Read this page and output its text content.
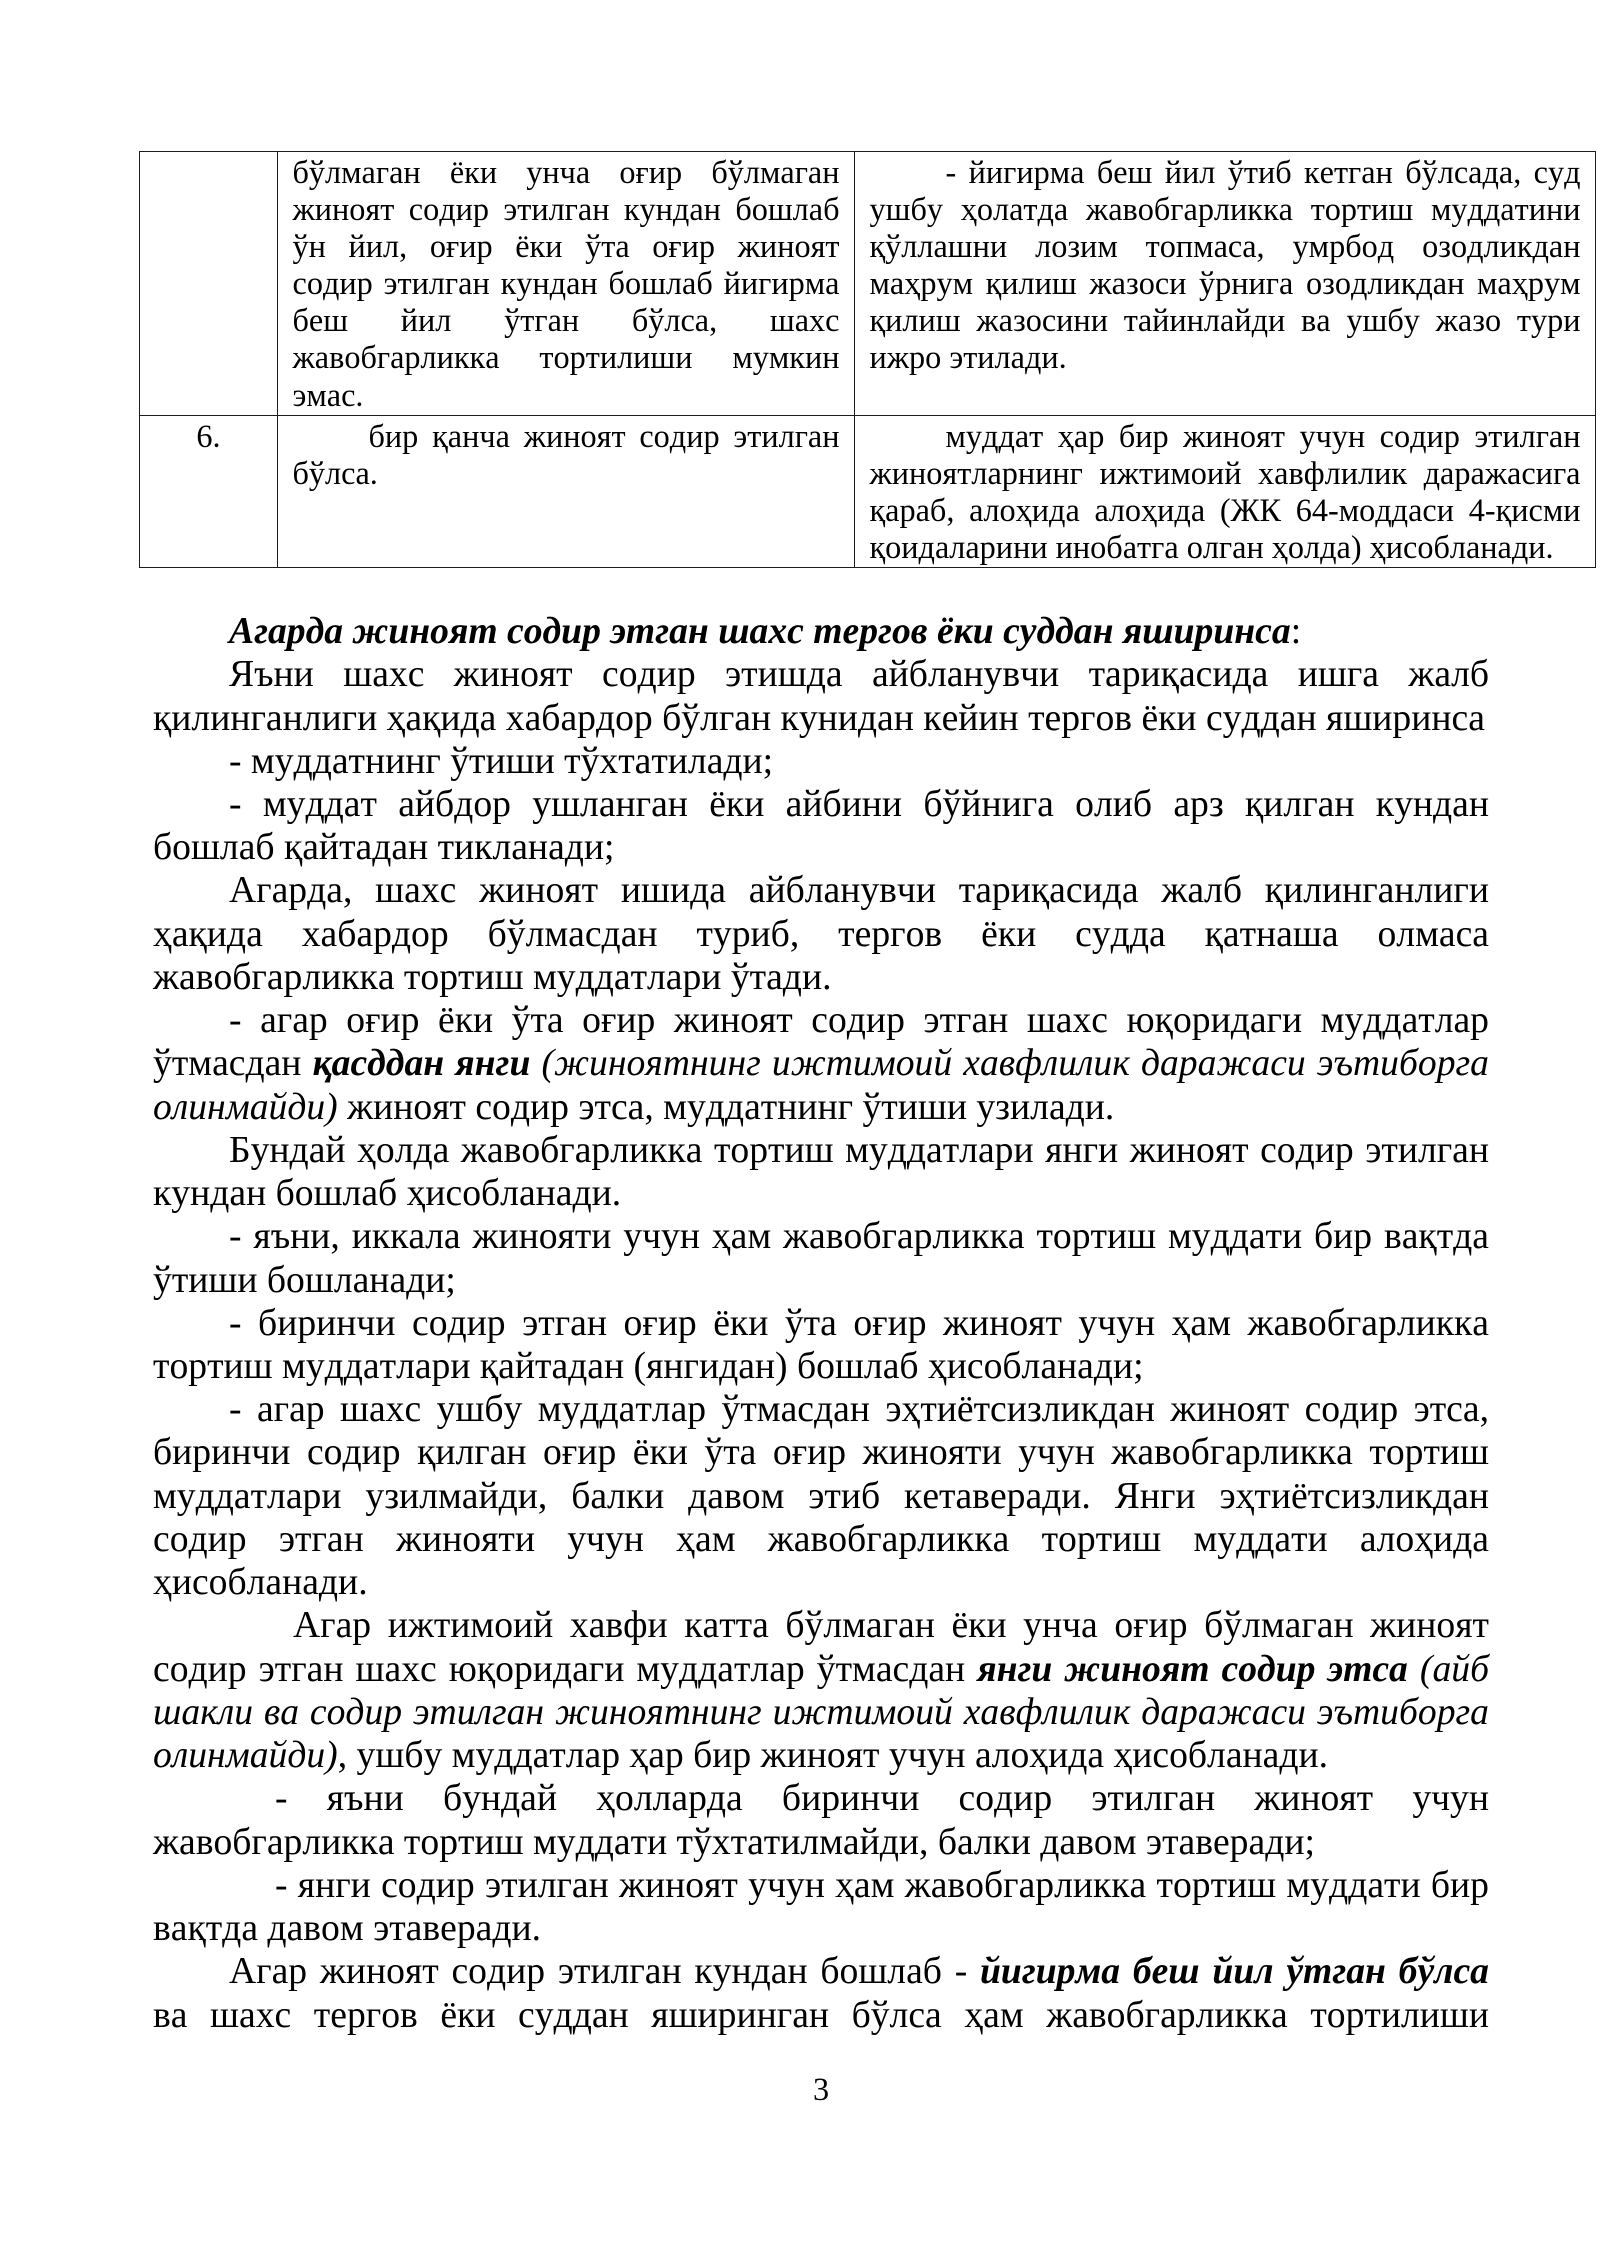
	бўлмаган ёки унча оғир бўлмаган жиноят содир этилган кундан бошлаб ўн йил, оғир ёки ўта оғир жиноят содир этилган кундан бошлаб йигирма беш йил ўтган бўлса, шахс жавобгарликка тортилиши мумкин эмас.	- йигирма беш йил ўтиб кетган бўлсада, суд ушбу ҳолатда жавобгарликка тортиш муддатини қўллашни лозим топмаса, умрбод озодликдан маҳрум қилиш жазоси ўрнига озодликдан маҳрум қилиш жазосини тайинлайди ва ушбу жазо тури ижро этилади.
6.	бир қанча жиноят содир этилган бўлса.	муддат ҳар бир жиноят учун содир этилган жиноятларнинг ижтимоий хавфлилик даражасига қараб, алоҳида алоҳида (ЖК 64-моддаси 4-қисми қоидаларини инобатга олган ҳолда) ҳисобланади.

Агарда жиноят содир этган шахс тергов ёки суддан яширинса:

Яъни шахс жиноят содир этишда айбланувчи тариқасида ишга жалб қилинганлиги ҳақида хабардор бўлган кунидан кейин тергов ёки суддан яширинса

- муддатнинг ўтиши тўхтатилади;

- муддат айбдор ушланган ёки айбини бўйнига олиб арз қилган кундан бошлаб қайтадан тикланади;

Агарда, шахс жиноят ишида айбланувчи тариқасида жалб қилинганлиги ҳақида хабардор бўлмасдан туриб, тергов ёки судда қатнаша олмаса жавобгарликка тортиш муддатлари ўтади.

- агар оғир ёки ўта оғир жиноят содир этган шахс юқоридаги муддатлар ўтмасдан қасддан янги (жиноятнинг ижтимоий хавфлилик даражаси эътиборга олинмайди) жиноят содир этса, муддатнинг ўтиши узилади.

Бундай ҳолда жавобгарликка тортиш муддатлари янги жиноят содир этилган кундан бошлаб ҳисобланади.

- яъни, иккала жинояти учун ҳам жавобгарликка тортиш муддати бир вақтда ўтиши бошланади;

- биринчи содир этган оғир ёки ўта оғир жиноят учун ҳам жавобгарликка тортиш муддатлари қайтадан (янгидан) бошлаб ҳисобланади;

- агар шахс ушбу муддатлар ўтмасдан эҳтиётсизликдан жиноят содир этса, биринчи содир қилган оғир ёки ўта оғир жинояти учун жавобгарликка тортиш муддатлари узилмайди, балки давом этиб кетаверади. Янги эҳтиётсизликдан содир этган жинояти учун ҳам жавобгарликка тортиш муддати алоҳида ҳисобланади.

Агар ижтимоий хавфи катта бўлмаган ёки унча оғир бўлмаган жиноят содир этган шахс юқоридаги муддатлар ўтмасдан янги жиноят содир этса (айб шакли ва содир этилган жиноятнинг ижтимоий хавфлилик даражаси эътиборга олинмайди), ушбу муддатлар ҳар бир жиноят учун алоҳида ҳисобланади.

- яъни бундай ҳолларда биринчи содир этилган жиноят учун жавобгарликка тортиш муддати тўхтатилмайди, балки давом этаверади;

- янги содир этилган жиноят учун ҳам жавобгарликка тортиш муддати бир вақтда давом этаверади.

Агар жиноят содир этилган кундан бошлаб - йигирма беш йил ўтган бўлса ва шахс тергов ёки суддан яширинган бўлса ҳам жавобгарликка тортилиши

3
